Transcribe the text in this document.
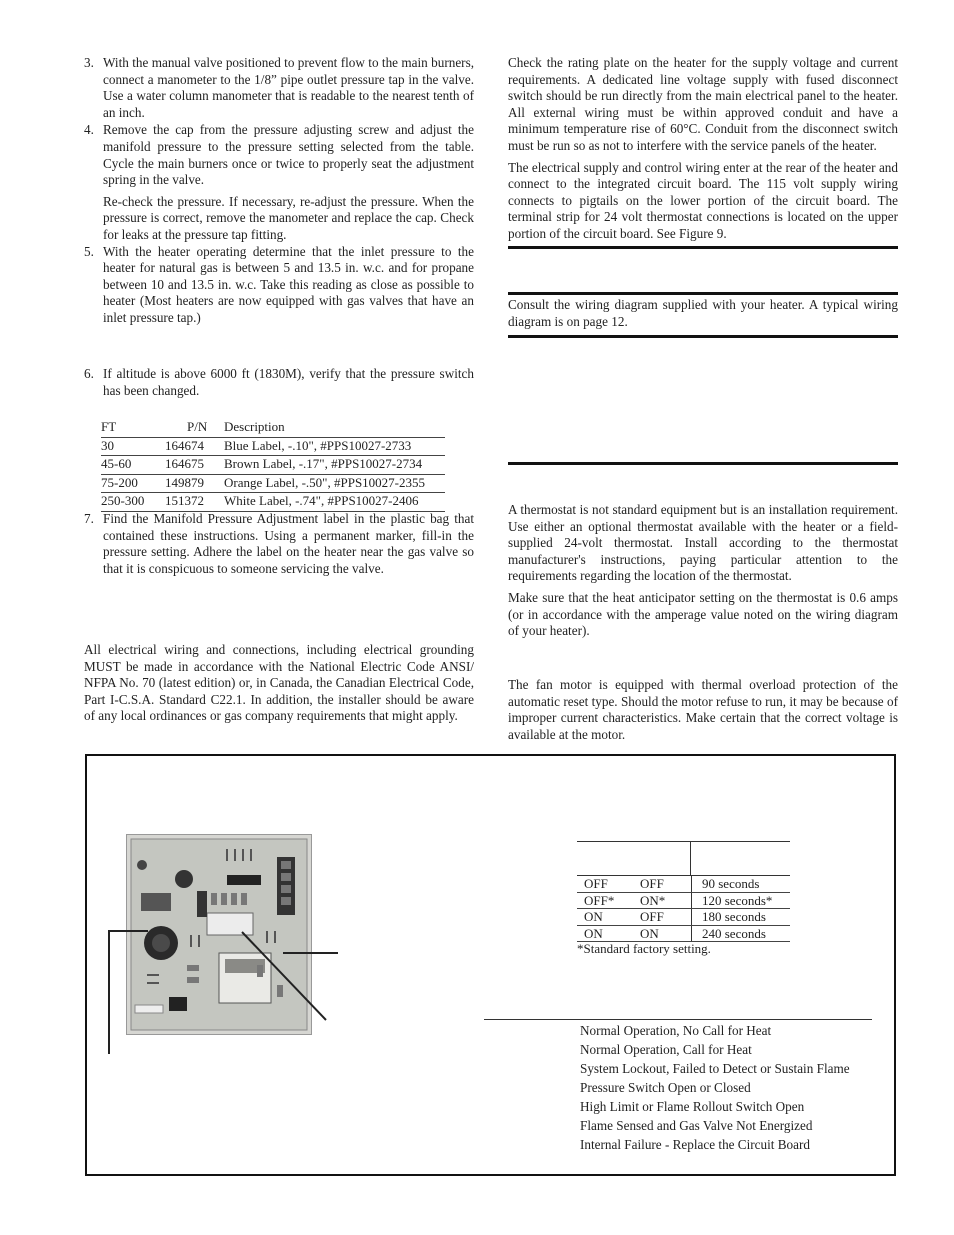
3. With the manual valve positioned to prevent flow to the main burners, connect a manometer to the 1/8” pipe outlet pressure tap in the valve. Use a water column manometer that is readable to the nearest tenth of an inch.
4. Remove the cap from the pressure adjusting screw and adjust the manifold pressure to the pressure setting selected from the table. Cycle the main burners once or twice to properly seat the adjustment spring in the valve.

Re-check the pressure. If necessary, re-adjust the pressure. When the pressure is correct, remove the manometer and replace the cap. Check for leaks at the pressure tap fitting.

5. With the heater operating determine that the inlet pressure to the heater for natural gas is between 5 and 13.5 in. w.c. and for propane between 10 and 13.5 in. w.c. Take this reading as close as possible to heater (Most heaters are now equipped with gas valves that have an inlet pressure tap.)
6. If altitude is above 6000 ft (1830M), verify that the pressure switch has been changed.
FT	P/N	Description
30	164674	Blue Label, -.10", #PPS10027-2733
45-60	164675	Brown Label, -.17", #PPS10027-2734
75-200	149879	Orange Label, -.50", #PPS10027-2355
250-300	151372	White Label, -.74", #PPS10027-2406
7. Find the Manifold Pressure Adjustment label in the plastic bag that contained these instructions. Using a permanent marker, fill-in the pressure setting. Adhere the label on the heater near the gas valve so that it is conspicuous to someone servicing the valve.

All electrical wiring and connections, including electrical grounding MUST be made in accordance with the National Electric Code ANSI/ NFPA No. 70 (latest edition) or, in Canada, the Canadian Electrical Code, Part I-C.S.A. Standard C22.1. In addition, the installer should be aware of any local ordinances or gas company requirements that might apply.

Check the rating plate on the heater for the supply voltage and current requirements. A dedicated line voltage supply with fused disconnect switch should be run directly from the main electrical panel to the heater. All external wiring must be within approved conduit and have a minimum temperature rise of 60°C. Conduit from the disconnect switch must be run so as not to interfere with the service panels of the heater.

The electrical supply and control wiring enter at the rear of the heater and connect to the integrated circuit board. The 115 volt supply wiring connects to pigtails on the lower portion of the circuit board. The terminal strip for 24 volt thermostat connections is located on the upper portion of the circuit board. See Figure 9.

Consult the wiring diagram supplied with your heater. A typical wiring diagram is on page 12.

A thermostat is not standard equipment but is an installation requirement. Use either an optional thermostat available with the heater or a field-supplied 24-volt thermostat. Install according to the thermostat manufacturer's instructions, paying particular attention to the requirements regarding the location of the thermostat.

Make sure that the heat anticipator setting on the thermostat is 0.6 amps (or in accordance with the amperage value noted on the wiring diagram of your heater).

The fan motor is equipped with thermal overload protection of the automatic reset type. Should the motor refuse to run, it may be because of improper current characteristics. Make certain that the correct voltage is available at the motor.

OFF	OFF	90 seconds
OFF*	ON*	120 seconds*
ON	OFF	180 seconds
ON	ON	240 seconds
*Standard factory setting.
Normal Operation, No Call for Heat
Normal Operation, Call for Heat
System Lockout, Failed to Detect or Sustain Flame
Pressure Switch Open or Closed
High Limit or Flame Rollout Switch Open
Flame Sensed and Gas Valve Not Energized
Internal Failure - Replace the Circuit Board
